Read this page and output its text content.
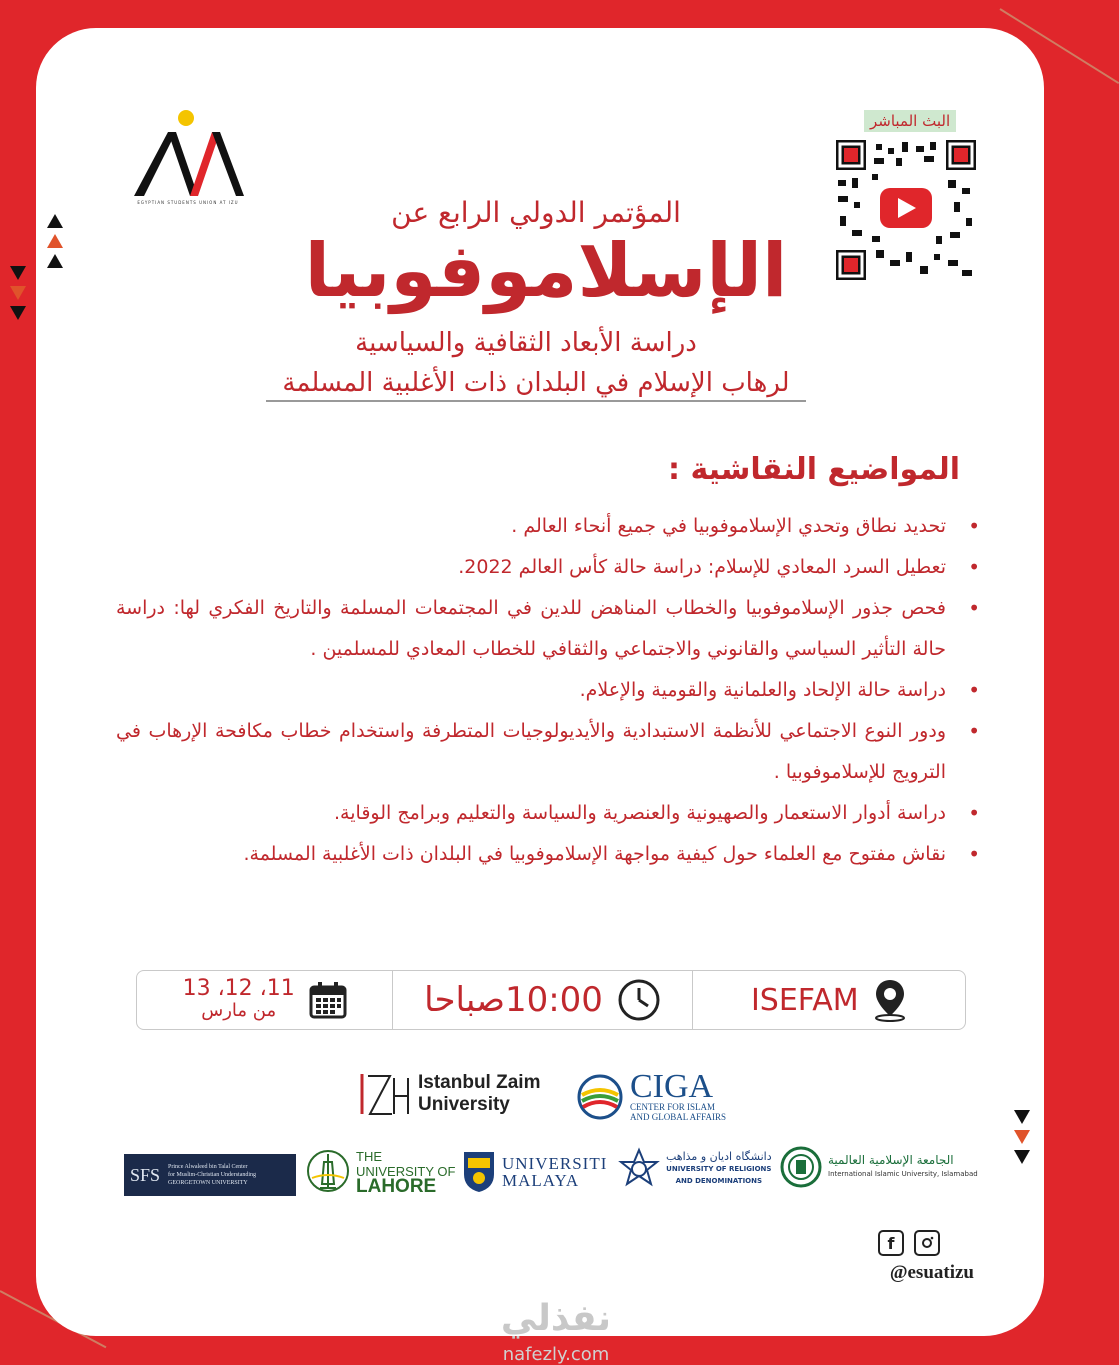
EGYPTIAN STUDENTS UNION AT IZU
البث المباشر
المؤتمر الدولي الرابع عن
الإسلاموفوبيا
دراسة الأبعاد الثقافية والسياسية
لرهاب الإسلام في البلدان ذات الأغلبية المسلمة
المواضيع النقاشية :
• تحديد نطاق وتحدي الإسلاموفوبيا في جميع أنحاء العالم .
• تعطيل السرد المعادي للإسلام: دراسة حالة كأس العالم 2022.
• فحص جذور الإسلاموفوبيا والخطاب المناهض للدين في المجتمعات المسلمة والتاريخ الفكري لها: دراسة حالة التأثير السياسي والقانوني والاجتماعي والثقافي للخطاب المعادي للمسلمين .
• دراسة حالة الإلحاد والعلمانية والقومية والإعلام.
• ودور النوع الاجتماعي للأنظمة الاستبدادية والأيديولوجيات المتطرفة واستخدام خطاب مكافحة الإرهاب في الترويج للإسلاموفوبيا .
• دراسة أدوار الاستعمار والصهيونية والعنصرية والسياسة والتعليم وبرامج الوقاية.
• نقاش مفتوح مع العلماء حول كيفية مواجهة الإسلاموفوبيا في البلدان ذات الأغلبية المسلمة.
13 ،12 ،11
من مارس	10:00صباحا	ISEFAM
Istanbul Zaim
University	CIGA
CENTER FOR ISLAM
AND GLOBAL AFFAIRS
SFS Prince Alwaleed bin Talal Center
for Muslim-Christian Understanding
GEORGETOWN UNIVERSITY
THE
UNIVERSITY OF
LAHORE
UNIVERSITI
MALAYA
دانشگاه ادیان و مذاهب
UNIVERSITY OF RELIGIONS
AND DENOMINATIONS
الجامعة الإسلامية العالمية
International Islamic University, Islamabad
f
@esuatizu
نفذلي
nafezly.com
